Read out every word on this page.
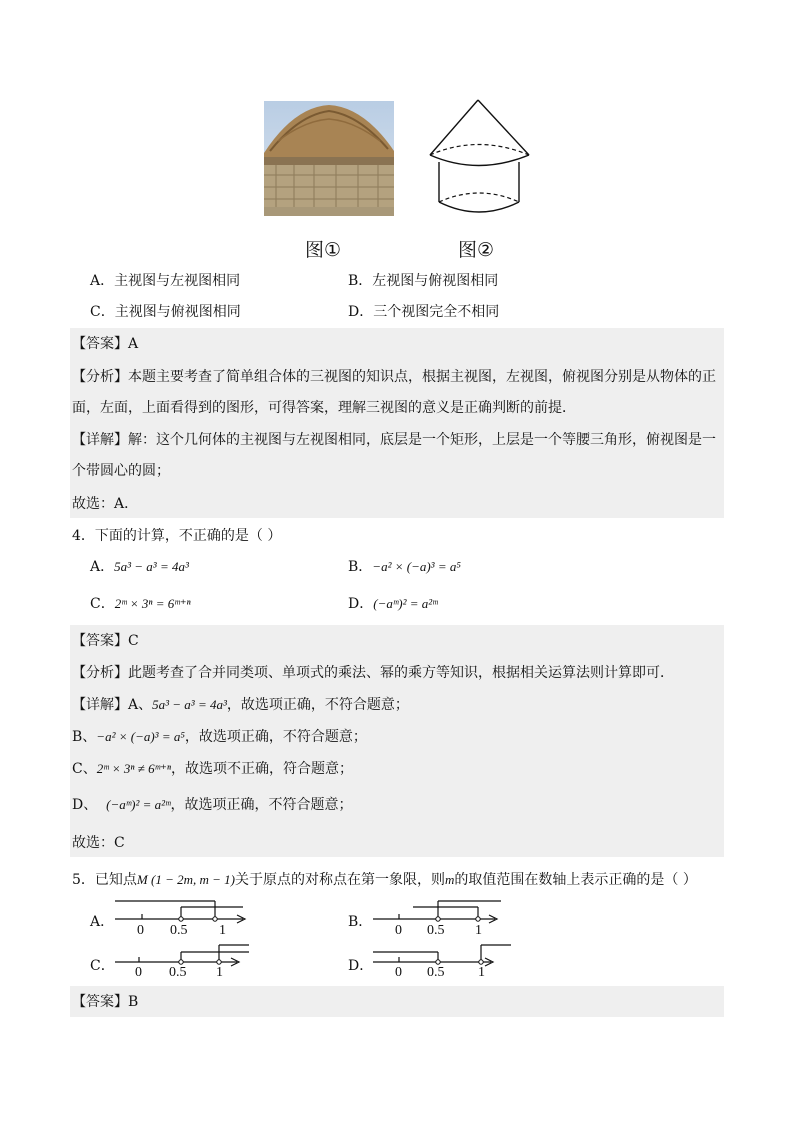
图①	图②
A．主视图与左视图相同	B．左视图与俯视图相同
C．主视图与俯视图相同	D．三个视图完全不相同
【答案】A
【分析】本题主要考查了简单组合体的三视图的知识点，根据主视图，左视图，俯视图分别是从物体的正
面，左面，上面看得到的图形，可得答案，理解三视图的意义是正确判断的前提．
【详解】解：这个几何体的主视图与左视图相同，底层是一个矩形，上层是一个等腰三角形，俯视图是一
个带圆心的圆；
故选：A．
4．下面的计算，不正确的是（ ）
A．5a³ − a³ = 4a³	B．−a² × (−a)³ = a⁵
C．2ᵐ × 3ⁿ = 6ᵐ⁺ⁿ	D．(−aᵐ)² = a²ᵐ
【答案】C
【分析】此题考查了合并同类项、单项式的乘法、幂的乘方等知识，根据相关运算法则计算即可．
【详解】A、5a³ − a³ = 4a³，故选项正确，不符合题意；
B、−a² × (−a)³ = a⁵，故选项正确，不符合题意；
C、2ᵐ × 3ⁿ ≠ 6ᵐ⁺ⁿ，故选项不正确，符合题意；
D、 (−aᵐ)² = a²ᵐ，故选项正确，不符合题意；
故选：C
5．已知点M (1 − 2m, m − 1)关于原点的对称点在第一象限，则m的取值范围在数轴上表示正确的是（ ）
A．
0 0.5 1
B．
0 0.5 1
C． 0 0.5 1	D． 0 0.5 1
【答案】B
